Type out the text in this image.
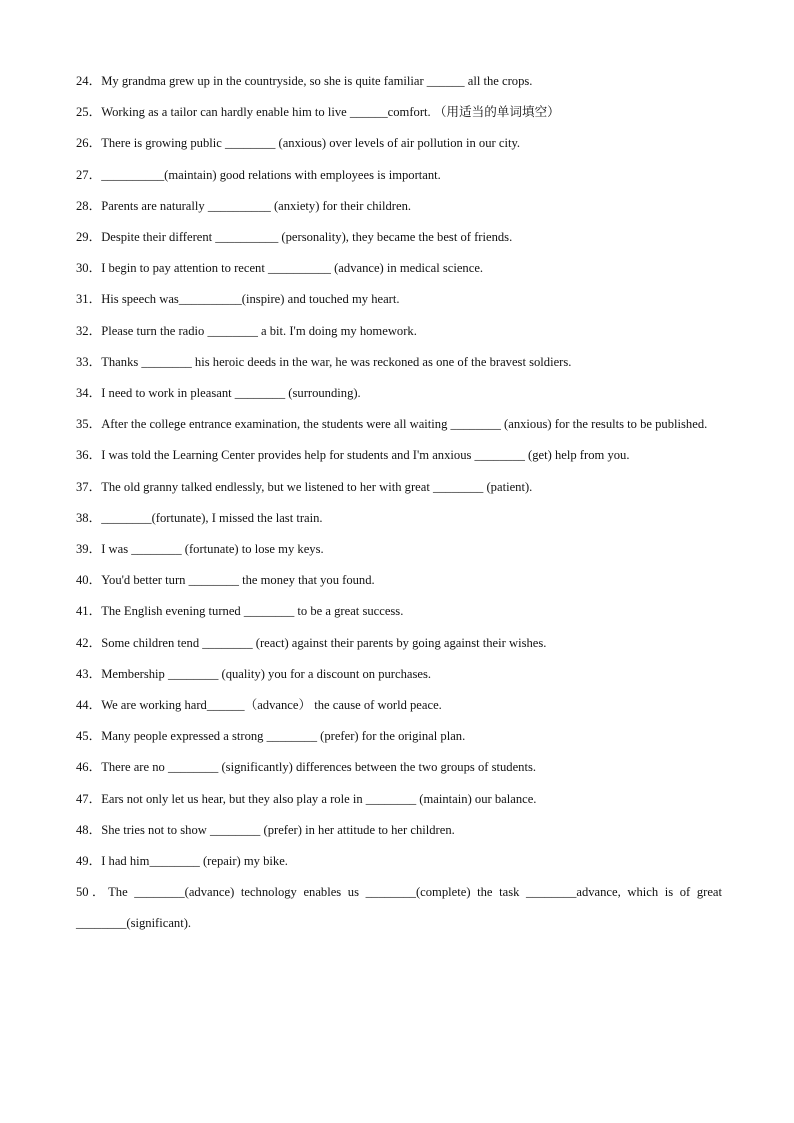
24．My grandma grew up in the countryside, so she is quite familiar ______ all the crops.
25．Working as a tailor can hardly enable him to live ______comfort. （用适当的单词填空）
26．There is growing public ________ (anxious) over levels of air pollution in our city.
27．__________(maintain) good relations with employees is important.
28．Parents are naturally __________ (anxiety) for their children.
29．Despite their different __________ (personality), they became the best of friends.
30．I begin to pay attention to recent __________ (advance) in medical science.
31．His speech was__________(inspire) and touched my heart.
32．Please turn the radio ________ a bit. I'm doing my homework.
33．Thanks ________ his heroic deeds in the war, he was reckoned as one of the bravest soldiers.
34．I need to work in pleasant ________ (surrounding).
35．After the college entrance examination, the students were all waiting ________ (anxious) for the results to be published.
36．I was told the Learning Center provides help for students and I'm anxious ________ (get) help from you.
37．The old granny talked endlessly, but we listened to her with great ________ (patient).
38．________(fortunate), I missed the last train.
39．I was ________ (fortunate) to lose my keys.
40．You'd better turn ________ the money that you found.
41．The English evening turned ________ to be a great success.
42．Some children tend ________ (react) against their parents by going against their wishes.
43．Membership ________ (quality) you for a discount on purchases.
44．We are working hard______（advance） the cause of world peace.
45．Many people expressed a strong ________ (prefer) for the original plan.
46．There are no ________ (significantly) differences between the two groups of students.
47．Ears not only let us hear, but they also play a role in ________ (maintain) our balance.
48．She tries not to show ________ (prefer) in her attitude to her children.
49．I had him________ (repair) my bike.
50．The ________(advance) technology enables us ________(complete) the task ________advance, which is of great ________(significant).
